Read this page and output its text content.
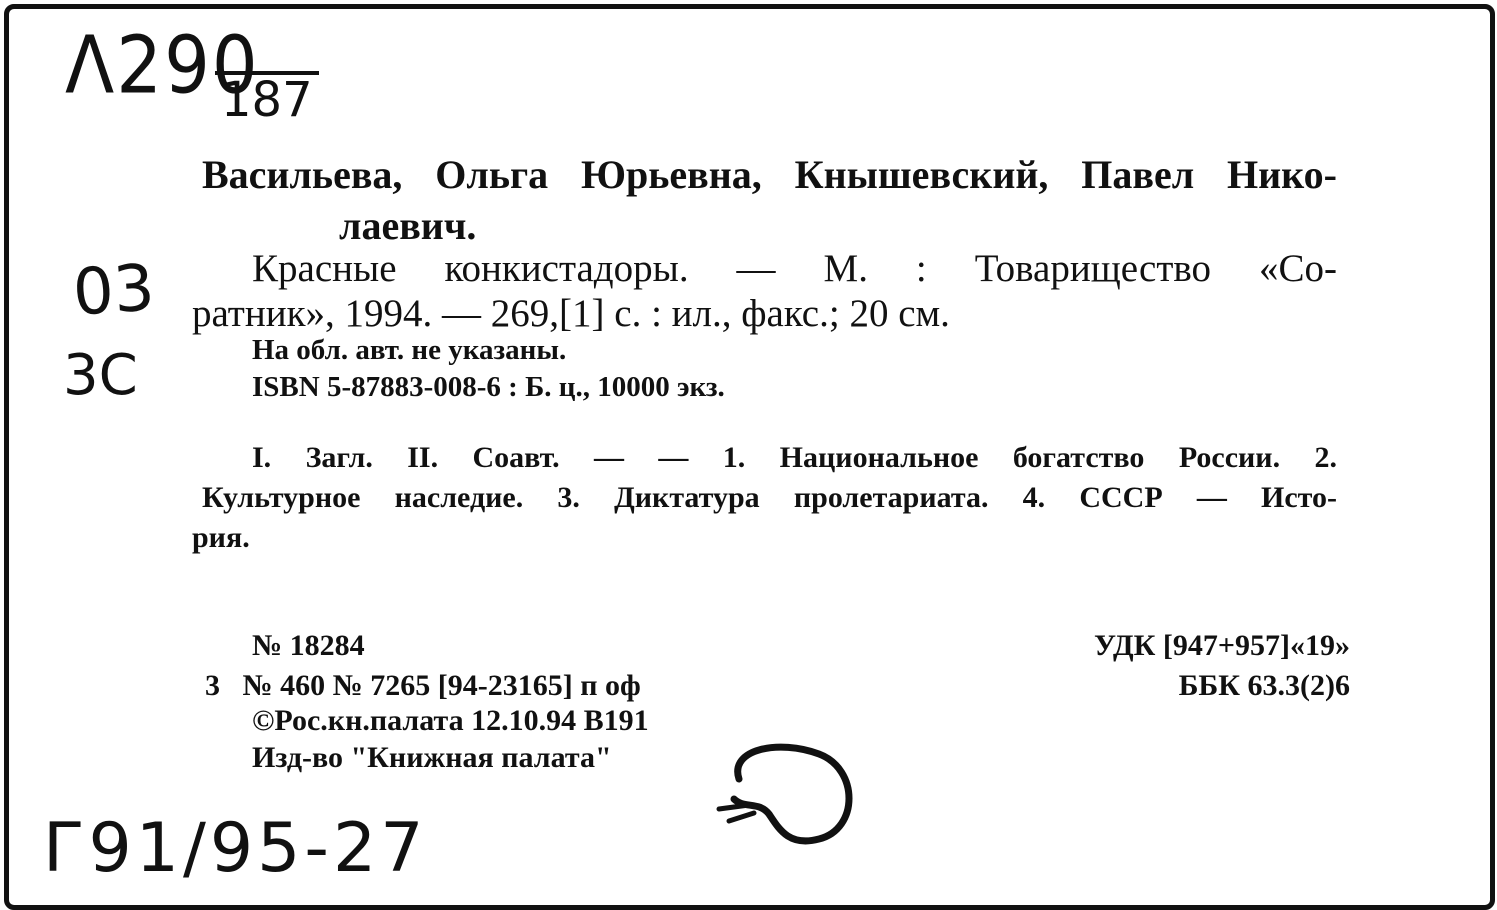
Λ290
187
03
3C
Г91/95-27
Васильева, Ольга Юрьевна, Кнышевский, Павел Нико-
лаевич.
Красные конкистадоры. — М. : Товарищество «Со-
ратник», 1994. — 269,[1] с. : ил., факс.; 20 см.
На обл. авт. не указаны.
ISBN 5-87883-008-6 : Б. ц., 10000 экз.
I. Загл. II. Соавт. — — 1. Национальное богатство России. 2.
Культурное наследие. 3. Диктатура пролетариата. 4. СССР — Исто-
рия.
№ 18284
3 № 460 № 7265 [94-23165] п оф
©Рос.кн.палата 12.10.94 В191
Изд-во "Книжная палата"
УДК [947+957]«19»
ББК 63.3(2)6
